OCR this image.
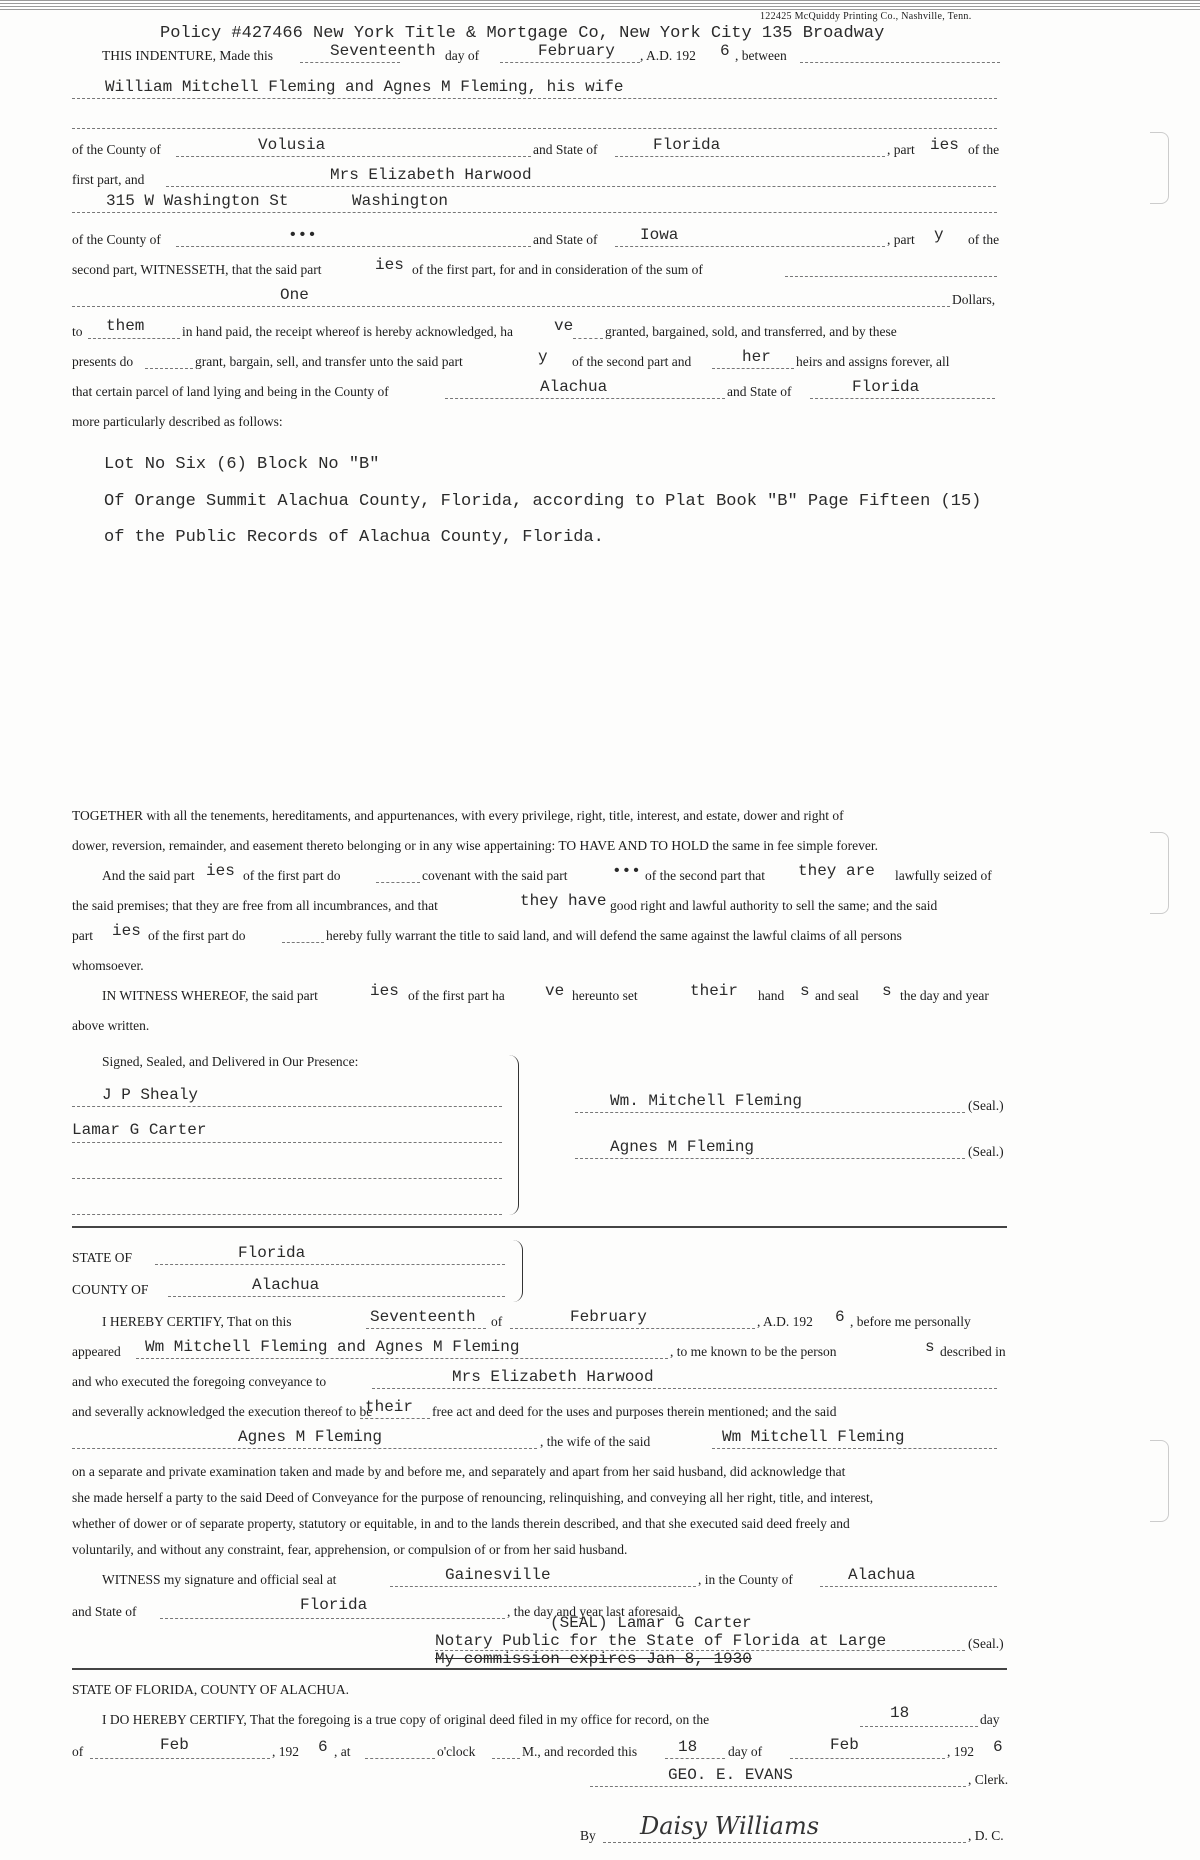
122425 McQuiddy Printing Co., Nashville, Tenn.
Policy #427466 New York Title & Mortgage Co, New York City 135 Broadway
THIS INDENTURE, Made this	Seventeenth day of	February , A.D. 192 6 , between
William Mitchell Fleming and Agnes M Fleming, his wife
of the County of	Volusia	and State of	Florida	, part ies of the
first part, and	Mrs Elizabeth Harwood
315 W Washington St	Washington
of the County of	•••	and State of	Iowa	, part y of the
second part, WITNESSETH, that the said part	ies of the first part, for and in consideration of the sum of
One	Dollars,
to them	in hand paid, the receipt whereof is hereby acknowledged, ha	ve granted, bargained, sold, and transferred, and by these
presents do	grant, bargain, sell, and transfer unto the said part	y of the second part and	her heirs and assigns forever, all
that certain parcel of land lying and being in the County of	Alachua	and State of	Florida
more particularly described as follows:
Lot No Six (6) Block No "B"
Of Orange Summit Alachua County, Florida, according to Plat Book "B" Page Fifteen (15)
of the Public Records of Alachua County, Florida.
TOGETHER with all the tenements, hereditaments, and appurtenances, with every privilege, right, title, interest, and estate, dower and right of
dower, reversion, remainder, and easement thereto belonging or in any wise appertaining: TO HAVE AND TO HOLD the same in fee simple forever.
And the said part ies of the first part do	covenant with the said part	••• of the second part that they are lawfully seized of
the said premises; that they are free from all incumbrances, and that	they have good right and lawful authority to sell the same; and the said
part ies of the first part do	hereby fully warrant the title to said land, and will defend the same against the lawful claims of all persons
whomsoever.
IN WITNESS WHEREOF, the said part	ies of the first part ha	ve hereunto set	their hand s and seal s the day and year
above written.
Signed, Sealed, and Delivered in Our Presence:
J P Shealy
Lamar G Carter
Wm. Mitchell Fleming	(Seal.)
Agnes M Fleming	(Seal.)
STATE OF	Florida
COUNTY OF	Alachua
I HEREBY CERTIFY, That on this	Seventeenth of	February	, A.D. 192 6 , before me personally
appeared Wm Mitchell Fleming and Agnes M Fleming	, to me known to be the person	s described in
and who executed the foregoing conveyance to	Mrs Elizabeth Harwood
and severally acknowledged the execution thereof to be
their free act and deed for the uses and purposes therein mentioned; and the said
Agnes M Fleming	, the wife of the said	Wm Mitchell Fleming
on a separate and private examination taken and made by and before me, and separately and apart from her said husband, did acknowledge that
she made herself a party to the said Deed of Conveyance for the purpose of renouncing, relinquishing, and conveying all her right, title, and interest,
whether of dower or of separate property, statutory or equitable, in and to the lands therein described, and that she executed said deed freely and
voluntarily, and without any constraint, fear, apprehension, or compulsion of or from her said husband.
WITNESS my signature and official seal at	Gainesville	, in the County of	Alachua
and State of	Florida	, the day and year last aforesaid.
(SEAL) Lamar G Carter
Notary Public for the State of Florida at Large	(Seal.)
My commission expires Jan 8, 1930
STATE OF FLORIDA, COUNTY OF ALACHUA.
I DO HEREBY CERTIFY, That the foregoing is a true copy of original deed filed in my office for record, on the	18	day
of	Feb	, 192 6 , at	o'clock	M., and recorded this	18 day of	Feb	, 192 6
GEO. E. EVANS	, Clerk.
By Daisy Williams	, D. C.
